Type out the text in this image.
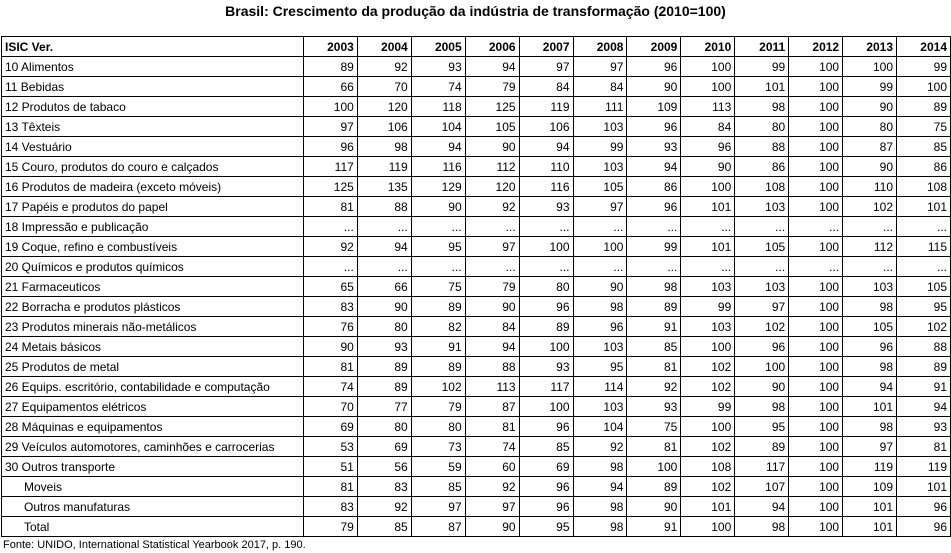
Brasil: Crescimento da produção da indústria de transformação (2010=100)
ISIC Ver.	2003	2004	2005	2006	2007	2008	2009	2010	2011	2012	2013	2014
10 Alimentos	89	92	93	94	97	97	96	100	99	100	100	99
11 Bebidas	66	70	74	79	84	84	90	100	101	100	99	100
12 Produtos de tabaco	100	120	118	125	119	111	109	113	98	100	90	89
13 Têxteis	97	106	104	105	106	103	96	84	80	100	80	75
14 Vestuário	96	98	94	90	94	99	93	96	88	100	87	85
15 Couro, produtos do couro e calçados	117	119	116	112	110	103	94	90	86	100	90	86
16 Produtos de madeira (exceto móveis)	125	135	129	120	116	105	86	100	108	100	110	108
17 Papéis e produtos do papel	81	88	90	92	93	97	96	101	103	100	102	101
18 Impressão e publicação	...	...	...	...	...	...	...	...	...	...	...	...
19 Coque, refino e combustíveis	92	94	95	97	100	100	99	101	105	100	112	115
20 Químicos e produtos químicos	...	...	...	...	...	...	...	...	...	...	...	...
21 Farmaceuticos	65	66	75	79	80	90	98	103	103	100	103	105
22 Borracha e produtos plásticos	83	90	89	90	96	98	89	99	97	100	98	95
23 Produtos minerais não-metálicos	76	80	82	84	89	96	91	103	102	100	105	102
24 Metais básicos	90	93	91	94	100	103	85	100	96	100	96	88
25 Produtos de metal	81	89	89	88	93	95	81	102	100	100	98	89
26 Equips. escritório, contabilidade e computação	74	89	102	113	117	114	92	102	90	100	94	91
27 Equipamentos elétricos	70	77	79	87	100	103	93	99	98	100	101	94
28 Máquinas e equipamentos	69	80	80	81	96	104	75	100	95	100	98	93
29 Veículos automotores, caminhões e carrocerias	53	69	73	74	85	92	81	102	89	100	97	81
30 Outros transporte	51	56	59	60	69	98	100	108	117	100	119	119
Moveis	81	83	85	92	96	94	89	102	107	100	109	101
Outros manufaturas	83	92	97	97	96	98	90	101	94	100	101	96
Total	79	85	87	90	95	98	91	100	98	100	101	96
Fonte: UNIDO, International Statistical Yearbook 2017, p. 190.
